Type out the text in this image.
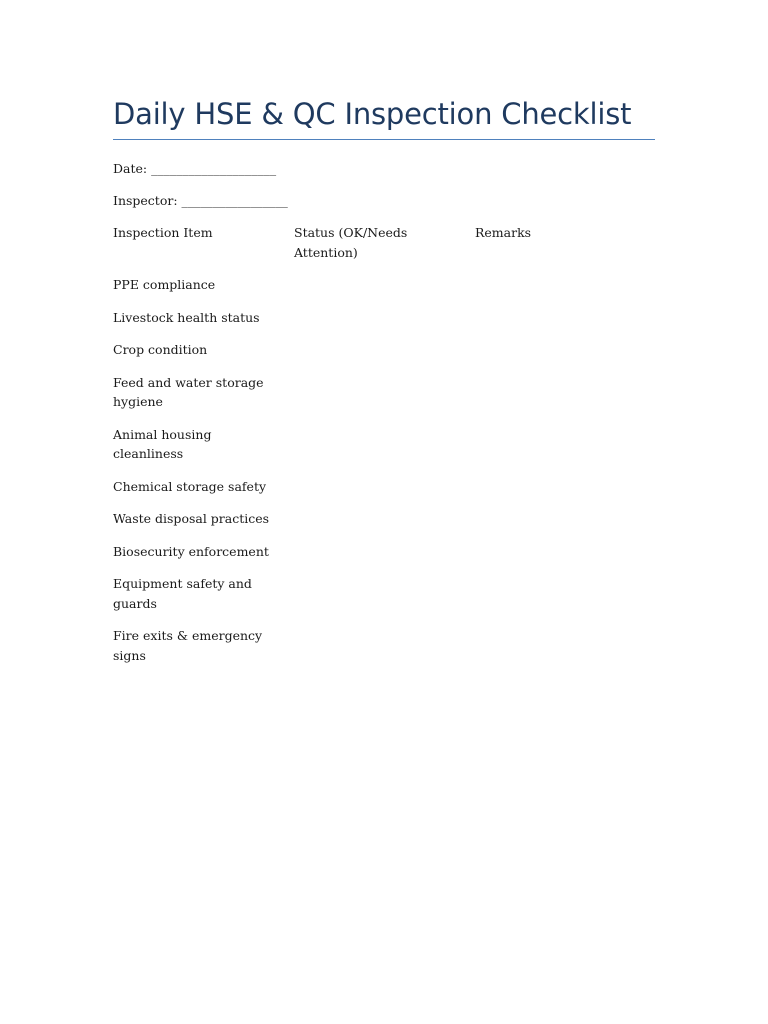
Daily HSE & QC Inspection Checklist

Date: ____________________

Inspector: _________________

Inspection Item	Status (OK/Needs Attention)
Remarks
PPE compliance
Livestock health status
Crop condition
Feed and water storage hygiene
Animal housing cleanliness
Chemical storage safety
Waste disposal practices
Biosecurity enforcement
Equipment safety and guards
Fire exits & emergency signs
